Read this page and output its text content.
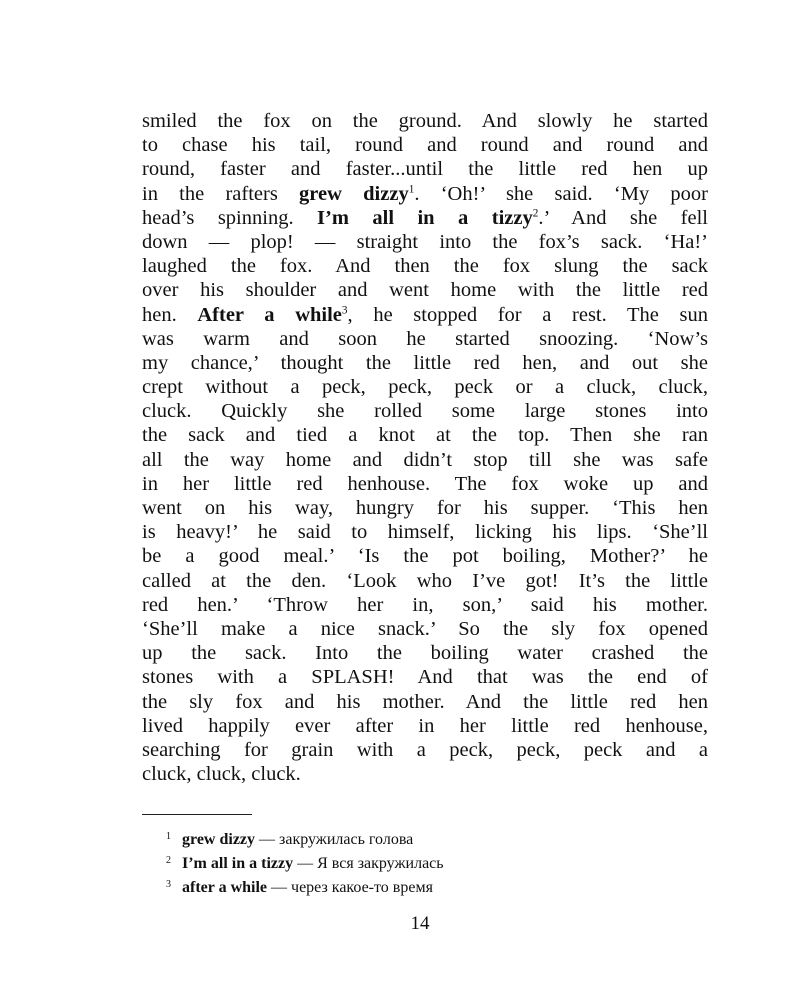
smiled the fox on the ground. And slowly he started
to chase his tail, round and round and round and
round, faster and faster...until the little red hen up
in the rafters grew dizzy$^1$. ‘Oh!’ she said. ‘My poor
head’s spinning. I’m all in a tizzy$^2$.’ And she fell
down — plop! — straight into the fox’s sack. ‘Ha!’
laughed the fox. And then the fox slung the sack
over his shoulder and went home with the little red
hen. After a while$^3$, he stopped for a rest. The sun
was warm and soon he started snoozing. ‘Now’s
my chance,’ thought the little red hen, and out she
crept without a peck, peck, peck or a cluck, cluck,
cluck. Quickly she rolled some large stones into
the sack and tied a knot at the top. Then she ran
all the way home and didn’t stop till she was safe
in her little red henhouse. The fox woke up and
went on his way, hungry for his supper. ‘This hen
is heavy!’ he said to himself, licking his lips. ‘She’ll
be a good meal.’ ‘Is the pot boiling, Mother?’ he
called at the den. ‘Look who I’ve got! It’s the little
red hen.’ ‘Throw her in, son,’ said his mother.
‘She’ll make a nice snack.’ So the sly fox opened
up the sack. Into the boiling water crashed the
stones with a SPLASH! And that was the end of
the sly fox and his mother. And the little red hen
lived happily ever after in her little red henhouse,
searching for grain with a peck, peck, peck and a
cluck, cluck, cluck.
1 grew dizzy — закружилась голова
2 I’m all in a tizzy — Я вся закружилась
3 after a while — через какое-то время
14
